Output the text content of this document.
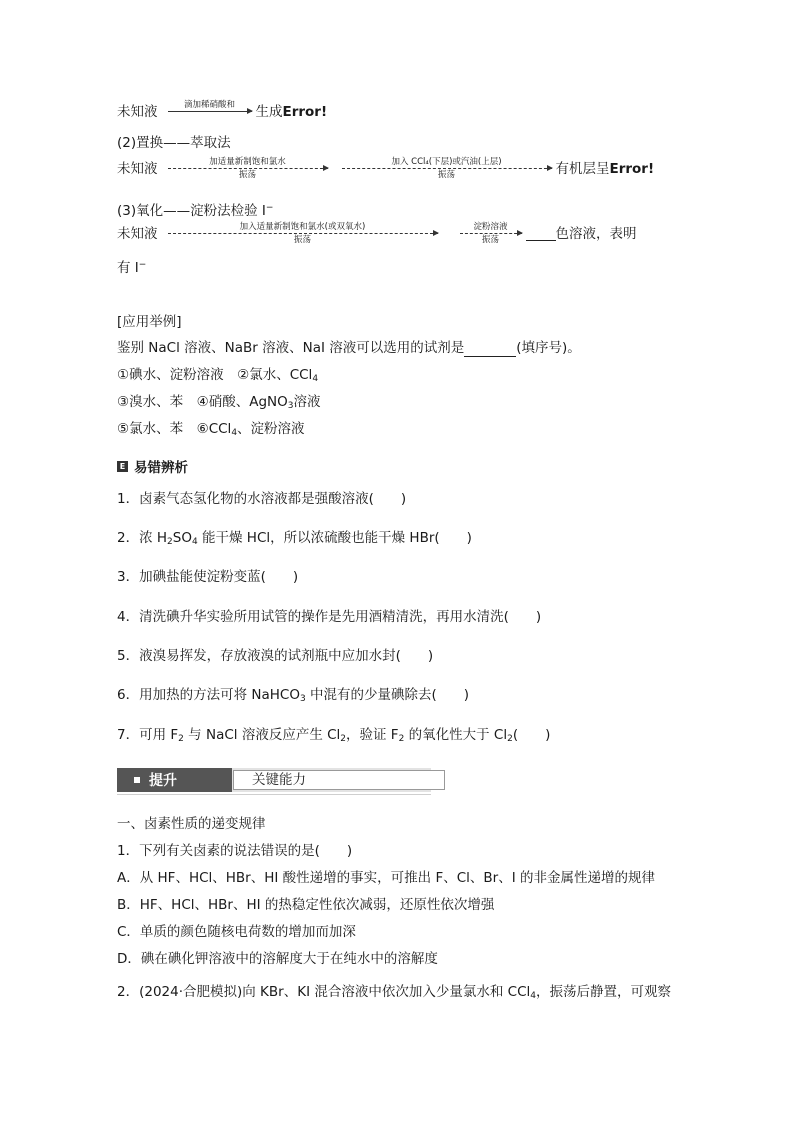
未知液	滴加稀硝酸和
生成 Error!
(2)置换——萃取法
未知液	加适量新制饱和氯水
振荡
加入 CCl₄(下层)或汽油(上层)
振荡	有机层呈 Error!
(3)氧化——淀粉法检验 I−
未知液	加入适量新制饱和氯水(或双氧水)
振荡
淀粉溶液
振荡	色溶液，表明
有 I−
[应用举例]
鉴别 NaCl 溶液、NaBr 溶液、NaI 溶液可以选用的试剂是	(填序号)。
①碘水、淀粉溶液　②氯水、CCl$_4$
③溴水、苯　④硝酸、AgNO$_3$溶液
⑤氯水、苯　⑥CCl$_4$、淀粉溶液
E 易错辨析
1．卤素气态氢化物的水溶液都是强酸溶液(　　)
2．浓 $H_2SO_4$ 能干燥 HCl，所以浓硫酸也能干燥 HBr(　　)
3．加碘盐能使淀粉变蓝(　　)
4．清洗碘升华实验所用试管的操作是先用酒精清洗，再用水清洗(　　)
5．液溴易挥发，存放液溴的试剂瓶中应加水封(　　)
6．用加热的方法可将 NaHCO$_3$ 中混有的少量碘除去(　　)
7．可用 $F_2$ 与 NaCl 溶液反应产生 $Cl_2$，验证 $F_2$ 的氧化性大于 $Cl_2$(　　)
提升	关键能力
一、卤素性质的递变规律
1．下列有关卤素的说法错误的是(　　)
A．从 HF、HCl、HBr、HI 酸性递增的事实，可推出 F、Cl、Br、I 的非金属性递增的规律
B．HF、HCl、HBr、HI 的热稳定性依次减弱，还原性依次增强
C．单质的颜色随核电荷数的增加而加深
D．碘在碘化钾溶液中的溶解度大于在纯水中的溶解度
2．(2024·合肥模拟)向 KBr、KI 混合溶液中依次加入少量氯水和 CCl$_4$，振荡后静置，可观察
